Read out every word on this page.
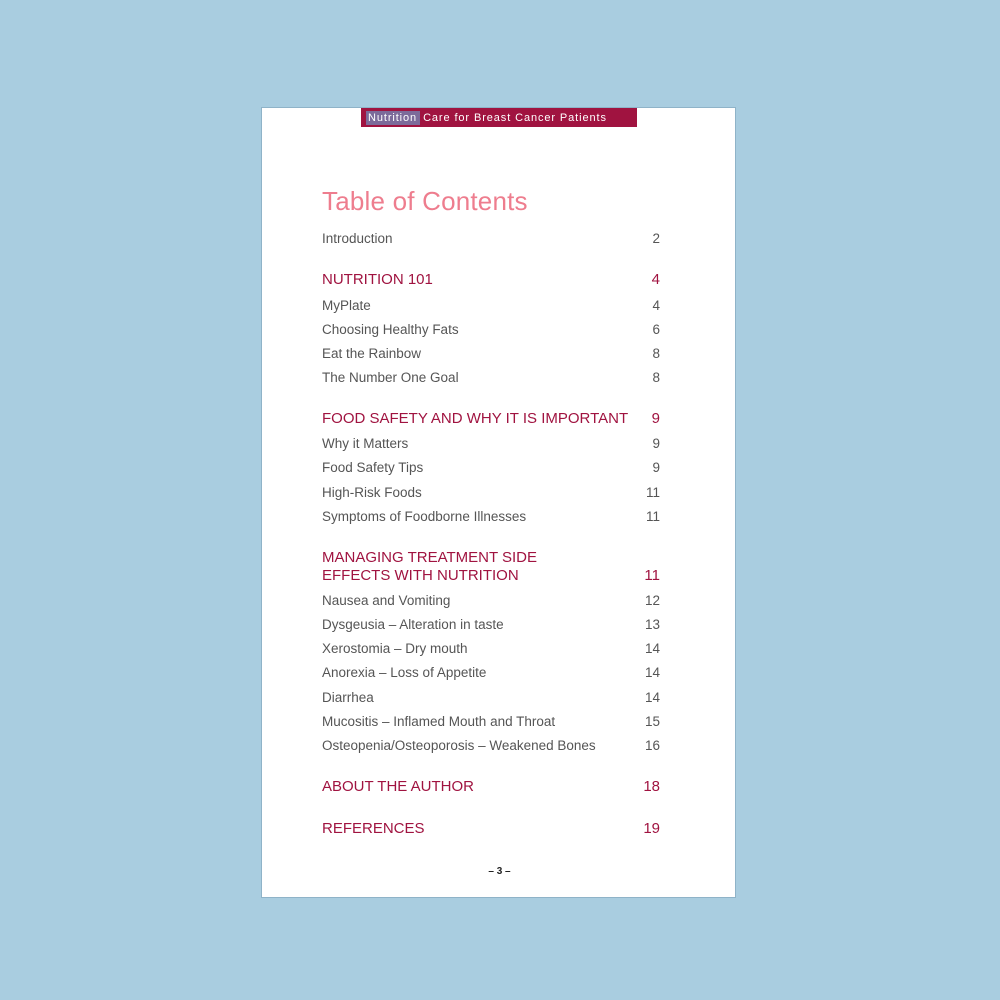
Nutrition Care for Breast Cancer Patients
Table of Contents
Introduction	2
NUTRITION 101	4
MyPlate	4
Choosing Healthy Fats	6
Eat the Rainbow	8
The Number One Goal	8
FOOD SAFETY AND WHY IT IS IMPORTANT 9
Why it Matters	9
Food Safety Tips	9
High-Risk Foods	11
Symptoms of Foodborne Illnesses	11
MANAGING TREATMENT SIDE
EFFECTS WITH NUTRITION	11
Nausea and Vomiting	12
Dysgeusia – Alteration in taste	13
Xerostomia – Dry mouth	14
Anorexia – Loss of Appetite	14
Diarrhea	14
Mucositis – Inflamed Mouth and Throat	15
Osteopenia/Osteoporosis – Weakened Bones	16
ABOUT THE AUTHOR	18
REFERENCES	19
– 3 –
